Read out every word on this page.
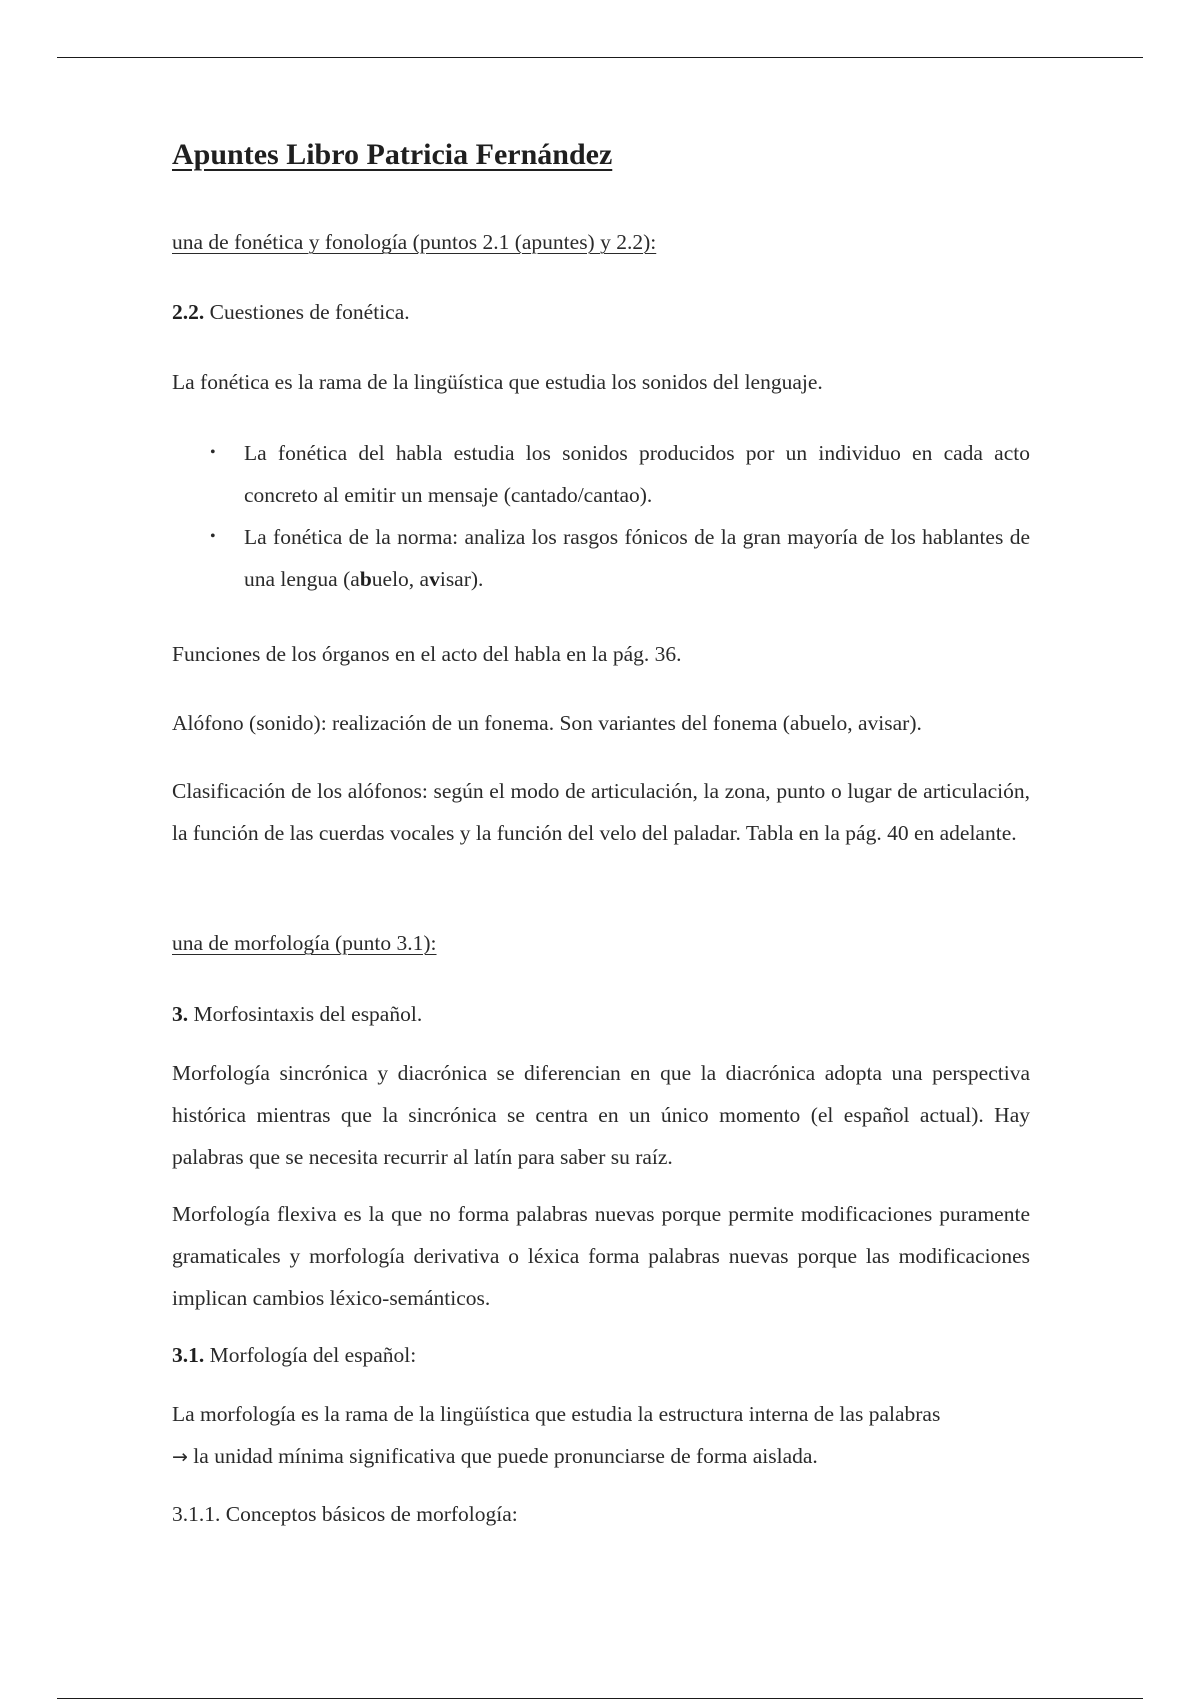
Apuntes Libro Patricia Fernández

una de fonética y fonología (puntos 2.1 (apuntes) y 2.2):

2.2. Cuestiones de fonética.

La fonética es la rama de la lingüística que estudia los sonidos del lenguaje.

• La fonética del habla estudia los sonidos producidos por un individuo en cada acto concreto al emitir un mensaje (cantado/cantao).
• La fonética de la norma: analiza los rasgos fónicos de la gran mayoría de los hablantes de una lengua (abuelo, avisar).

Funciones de los órganos en el acto del habla en la pág. 36.

Alófono (sonido): realización de un fonema. Son variantes del fonema (abuelo, avisar).

Clasificación de los alófonos: según el modo de articulación, la zona, punto o lugar de articulación, la función de las cuerdas vocales y la función del velo del paladar. Tabla en la pág. 40 en adelante.

una de morfología (punto 3.1):

3. Morfosintaxis del español.

Morfología sincrónica y diacrónica se diferencian en que la diacrónica adopta una perspectiva histórica mientras que la sincrónica se centra en un único momento (el español actual). Hay palabras que se necesita recurrir al latín para saber su raíz.

Morfología flexiva es la que no forma palabras nuevas porque permite modificaciones puramente gramaticales y morfología derivativa o léxica forma palabras nuevas porque las modificaciones implican cambios léxico-semánticos.

3.1. Morfología del español:

La morfología es la rama de la lingüística que estudia la estructura interna de las palabras
→ la unidad mínima significativa que puede pronunciarse de forma aislada.

3.1.1. Conceptos básicos de morfología:
